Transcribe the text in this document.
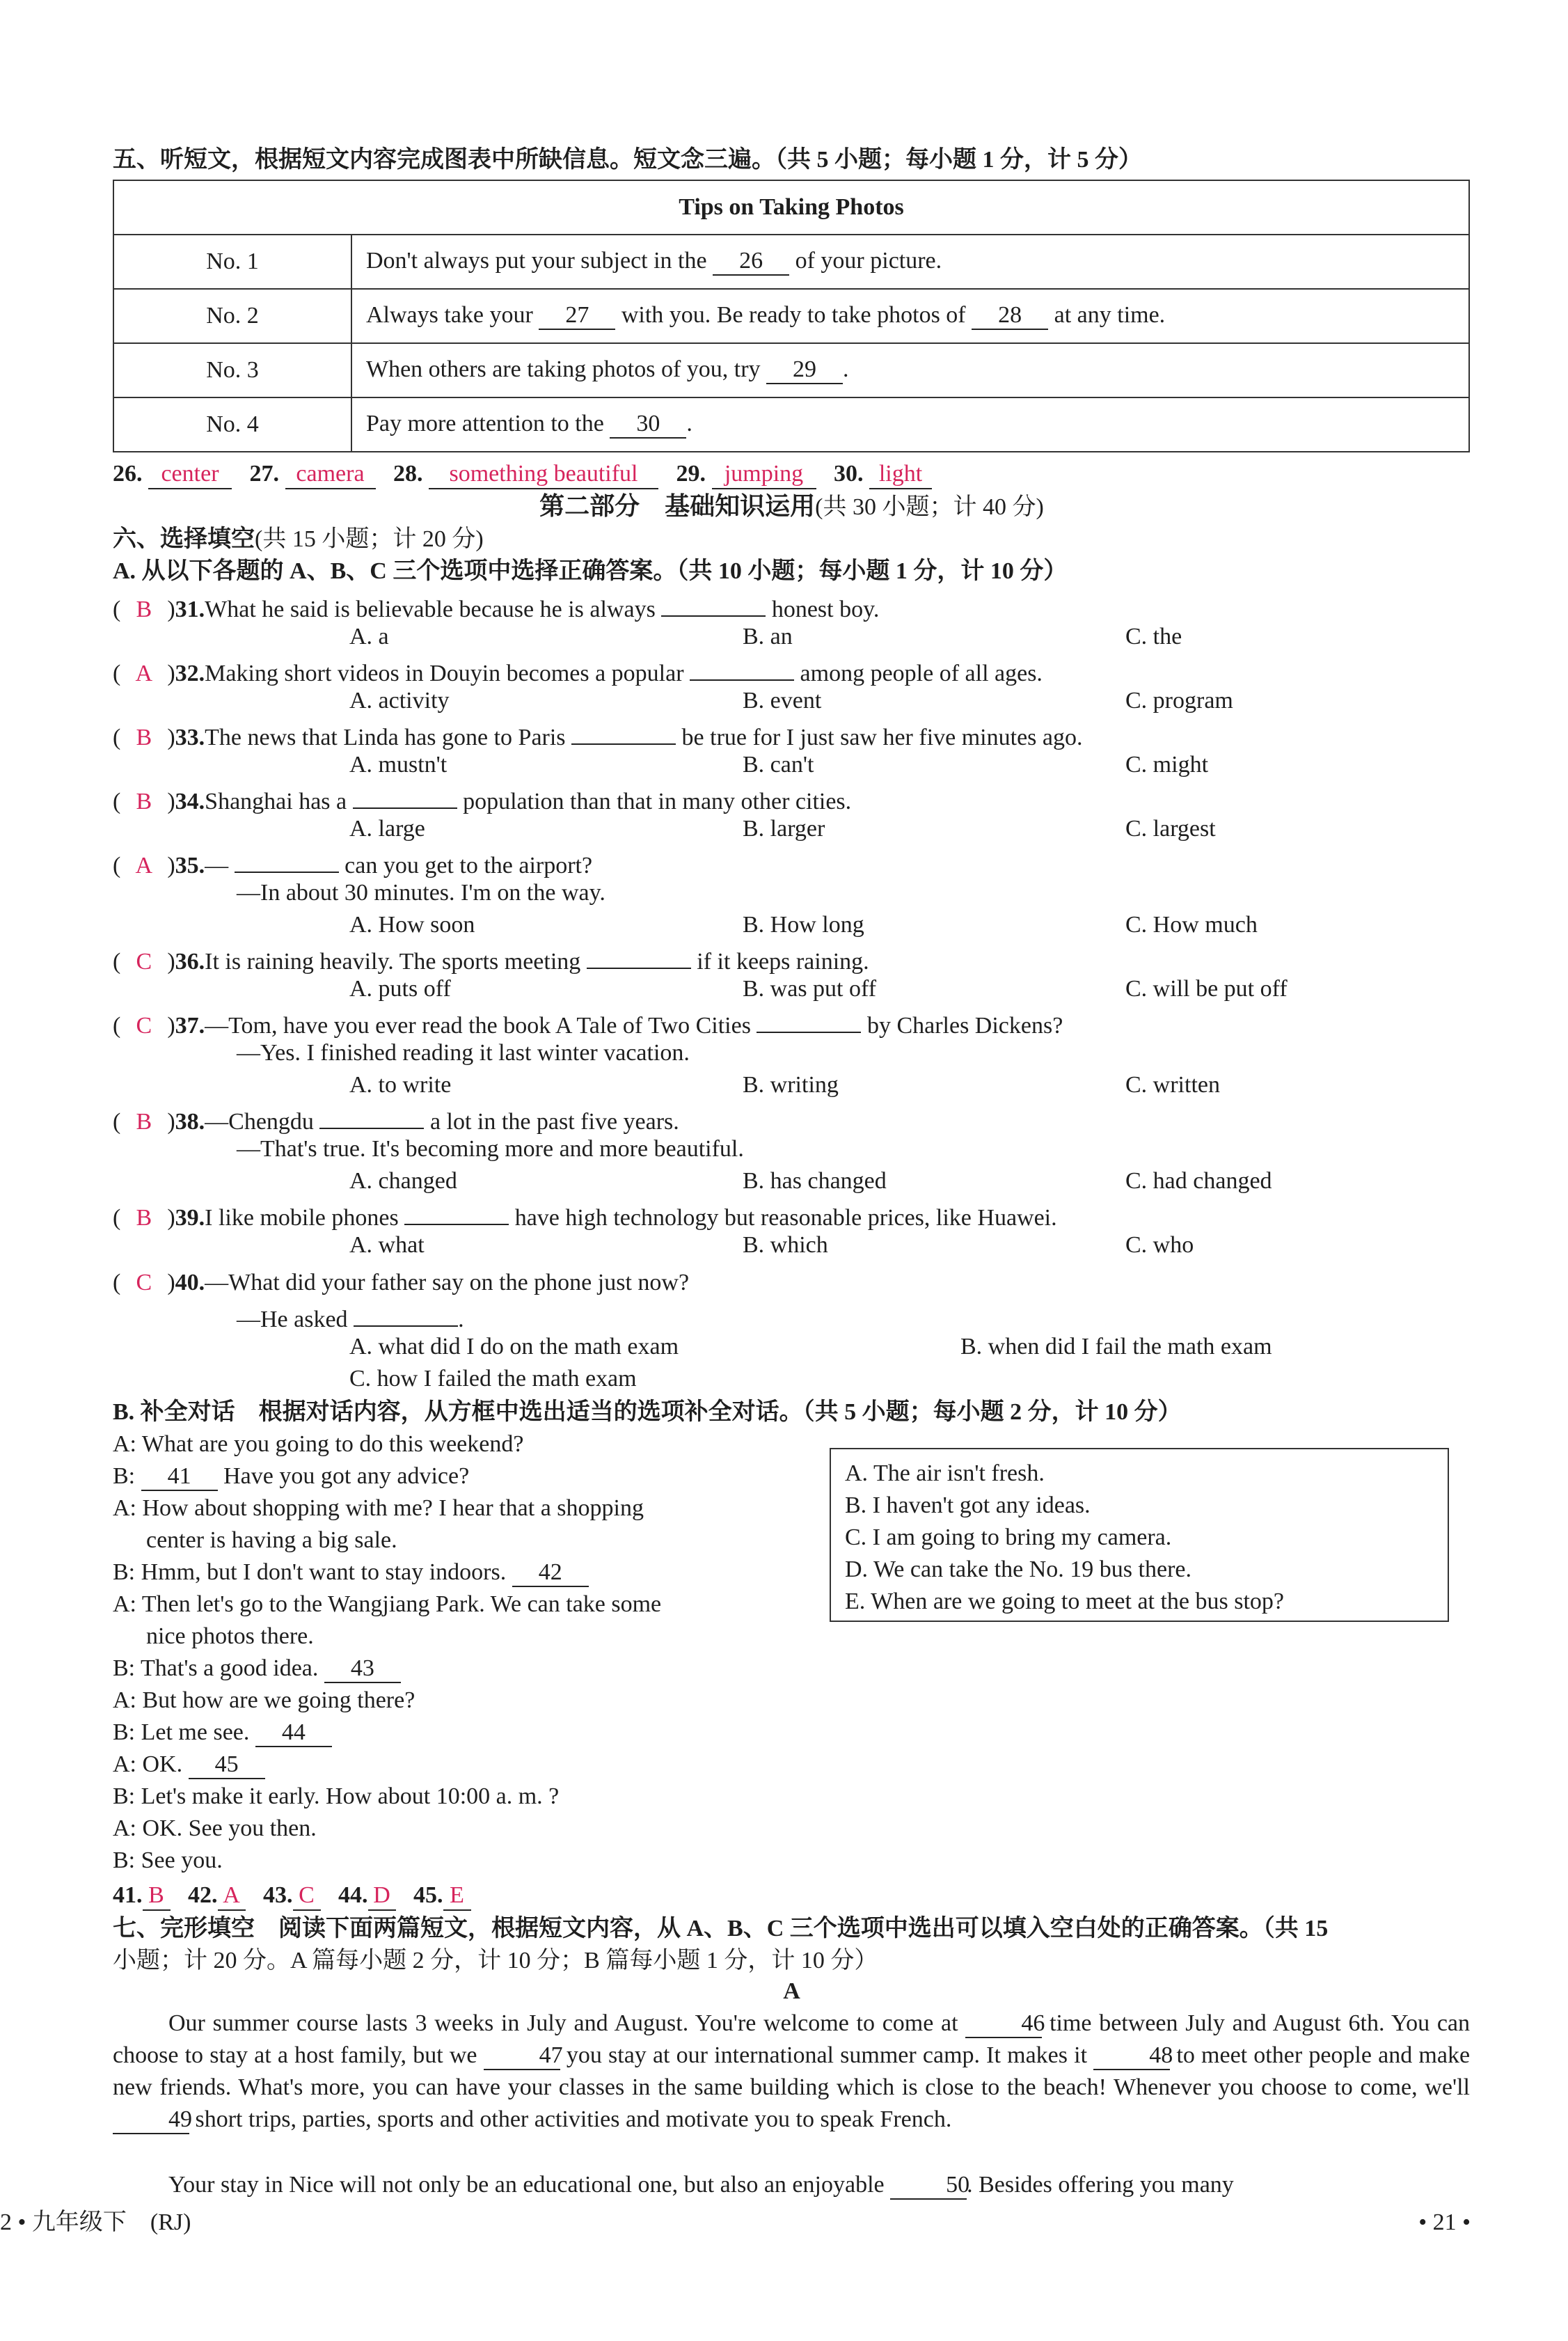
五、听短文，根据短文内容完成图表中所缺信息。短文念三遍。（共 5 小题；每小题 1 分，计 5 分）
Tips on Taking Photos	
No. 1	Don't always put your subject in the 26 of your picture.
No. 2	Always take your 27 with you. Be ready to take photos of 28 at any time.
No. 3	When others are taking photos of you, try 29 .
No. 4	Pay more attention to the 30 .
26. center 27. camera 28. something beautiful 29. jumping 30. light
第二部分　基础知识运用(共 30 小题；计 40 分)
六、选择填空(共 15 小题；计 20 分)
A. 从以下各题的 A、B、C 三个选项中选择正确答案。（共 10 小题；每小题 1 分，计 10 分）
( B )31.What he said is believable because he is always	honest boy.
A. a	B. an	C. the
( A )32.Making short videos in Douyin becomes a popular	among people of all ages.
A. activity	B. event	C. program
( B )33.The news that Linda has gone to Paris	be true for I just saw her five minutes ago.
A. mustn't	B. can't	C. might
( B )34.Shanghai has a	population than that in many other cities.
A. large	B. larger	C. largest
( A )35.—	can you get to the airport?
—In about 30 minutes. I'm on the way.
A. How soon	B. How long	C. How much
( C )36.It is raining heavily. The sports meeting	if it keeps raining.
A. puts off	B. was put off	C. will be put off
( C )37.—Tom, have you ever read the book A Tale of Two Cities	by Charles Dickens?
—Yes. I finished reading it last winter vacation.
A. to write	B. writing	C. written
( B )38.—Chengdu	a lot in the past five years.
—That's true. It's becoming more and more beautiful.
A. changed	B. has changed	C. had changed
( B )39.I like mobile phones	have high technology but reasonable prices, like Huawei.
A. what	B. which	C. who
( C )40.—What did your father say on the phone just now?
—He asked	.
A. what did I do on the math exam	B. when did I fail the math exam
C. how I failed the math exam
B. 补全对话　根据对话内容，从方框中选出适当的选项补全对话。（共 5 小题；每小题 2 分，计 10 分）
A: What are you going to do this weekend?
B: 41 Have you got any advice?
A: How about shopping with me? I hear that a shopping
center is having a big sale.
B: Hmm, but I don't want to stay indoors. 42
A: Then let's go to the Wangjiang Park. We can take some
nice photos there.
B: That's a good idea. 43
A: But how are we going there?
B: Let me see. 44
A: OK. 45
B: Let's make it early. How about 10:00 a. m. ?
A: OK. See you then.
B: See you.
A. The air isn't fresh.
B. I haven't got any ideas.
C. I am going to bring my camera.
D. We can take the No. 19 bus there.
E. When are we going to meet at the bus stop?
41. B 42. A 43. C 44. D 45. E
七、完形填空　阅读下面两篇短文，根据短文内容，从 A、B、C 三个选项中选出可以填入空白处的正确答案。（共 15
小题；计 20 分。A 篇每小题 2 分，计 10 分；B 篇每小题 1 分，计 10 分）
A
Our summer course lasts 3 weeks in July and August. You're welcome to come at	46 time between July and August 6th. You can choose to stay at a host family, but we	47 you stay at our international summer camp. It makes it	48 to meet other people and make new friends. What's more, you can have your classes in the same building which is close to the beach! Whenever you choose to come, we'll 49 short trips, parties, sports and other activities and motivate you to speak French.
Your stay in Nice will not only be an educational one, but also an enjoyable	50. Besides offering you many
2 • 九年级下　(RJ)	• 21 •
